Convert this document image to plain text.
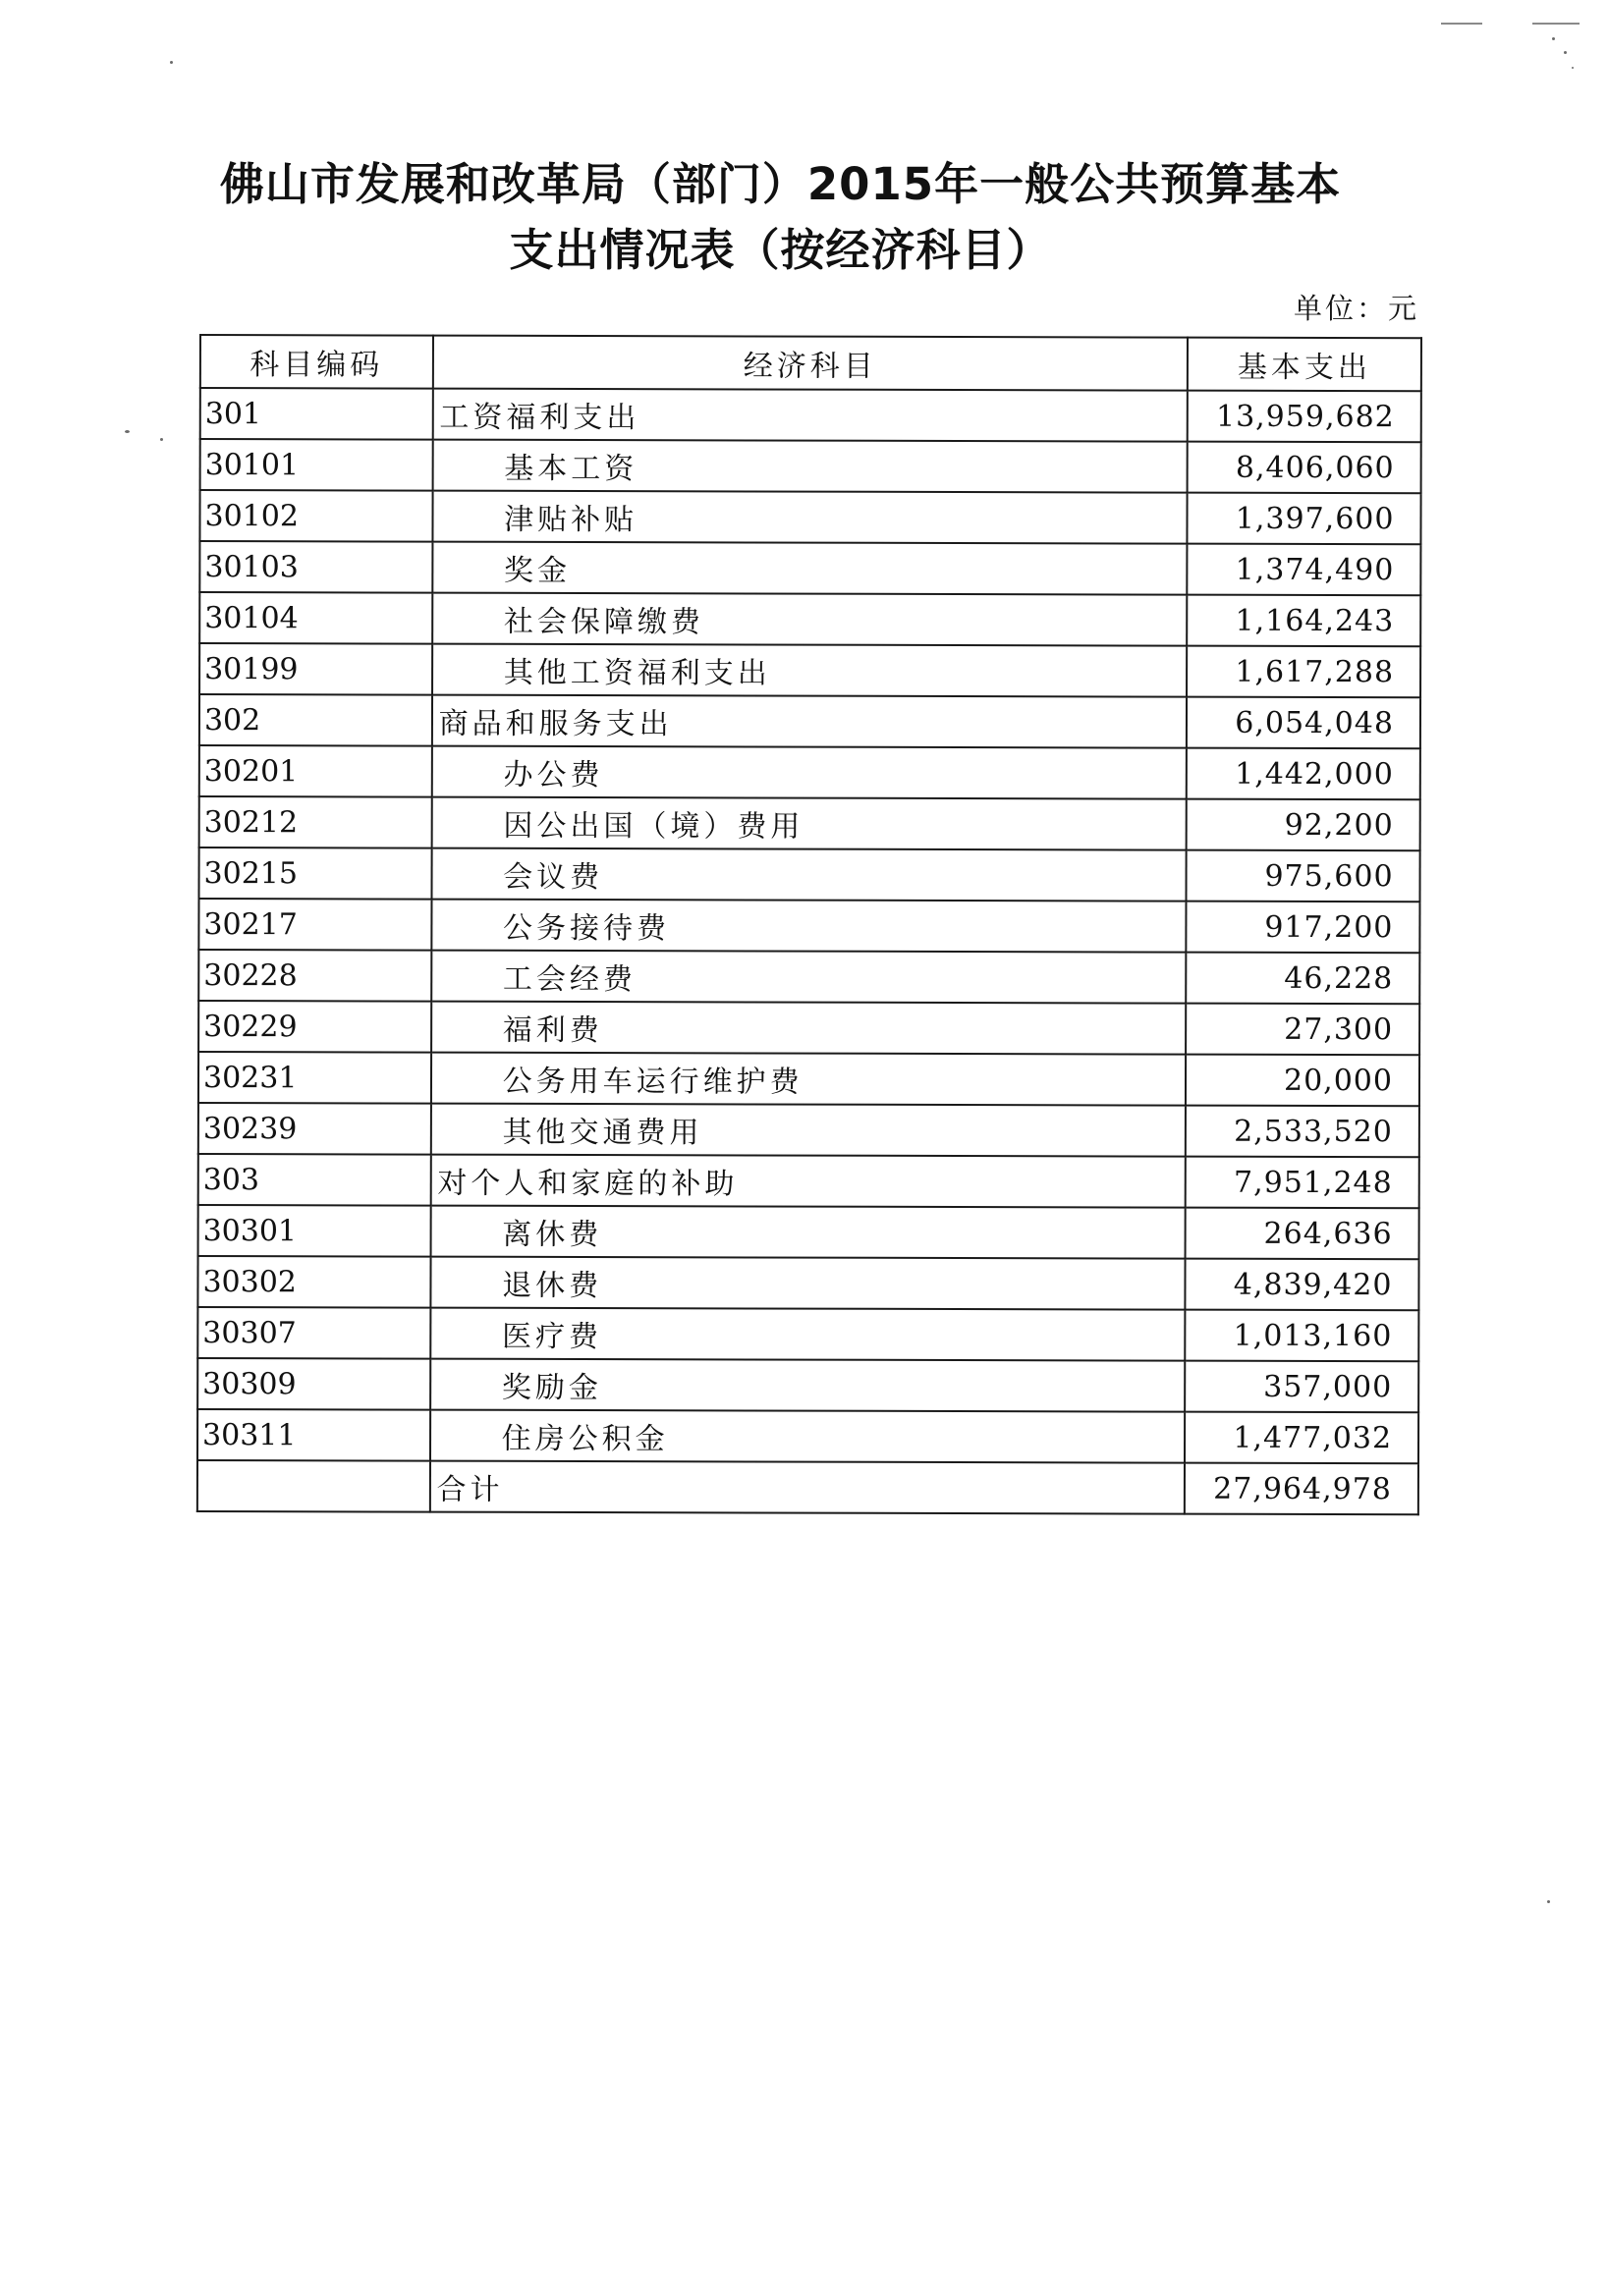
佛山市发展和改革局（部门）2015年一般公共预算基本
支出情况表（按经济科目）
单位：元
科目编码	经济科目	基本支出
301	工资福利支出	13,959,682
30101	基本工资	8,406,060
30102	津贴补贴	1,397,600
30103	奖金	1,374,490
30104	社会保障缴费	1,164,243
30199	其他工资福利支出	1,617,288
302	商品和服务支出	6,054,048
30201	办公费	1,442,000
30212	因公出国（境）费用	92,200
30215	会议费	975,600
30217	公务接待费	917,200
30228	工会经费	46,228
30229	福利费	27,300
30231	公务用车运行维护费	20,000
30239	其他交通费用	2,533,520
303	对个人和家庭的补助	7,951,248
30301	离休费	264,636
30302	退休费	4,839,420
30307	医疗费	1,013,160
30309	奖励金	357,000
30311	住房公积金	1,477,032
	合计	27,964,978
